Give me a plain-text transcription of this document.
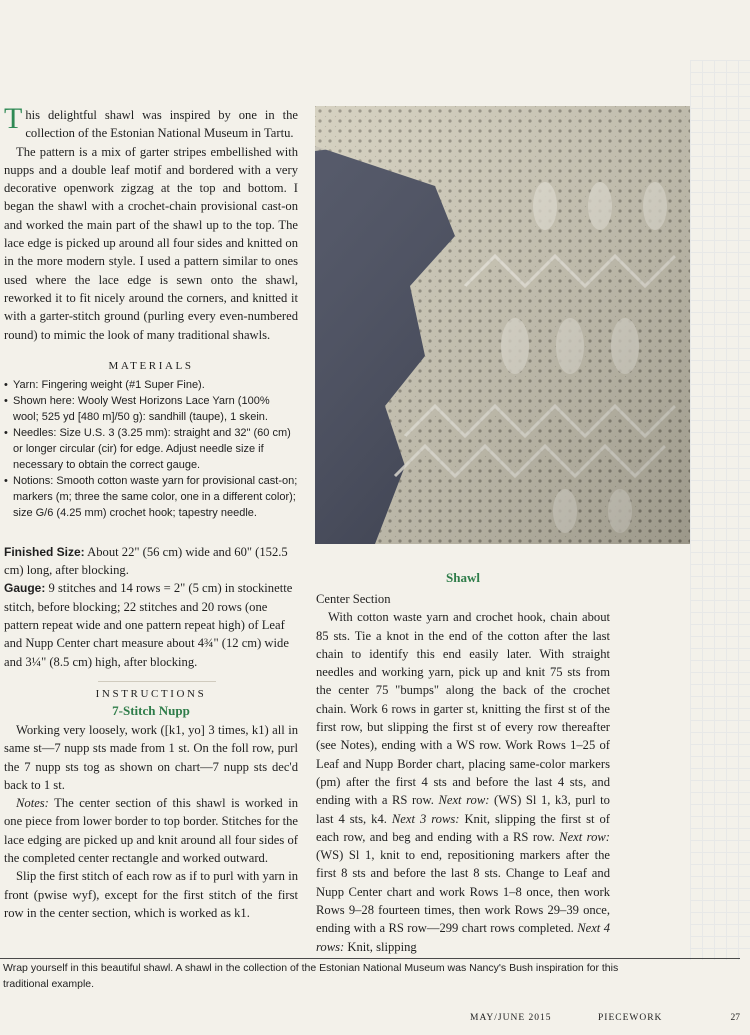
This delightful shawl was inspired by one in the collection of the Estonian National Museum in Tartu.

The pattern is a mix of garter stripes embellished with nupps and a double leaf motif and bordered with a very decorative openwork zigzag at the top and bottom. I began the shawl with a crochet-chain provisional cast-on and worked the main part of the shawl up to the top. The lace edge is picked up around all four sides and knitted on in the more modern style. I used a pattern similar to ones used where the lace edge is sewn onto the shawl, reworked it to fit nicely around the corners, and knitted it with a garter-stitch ground (purling every even-numbered round) to mimic the look of many traditional shawls.

MATERIALS
• Yarn: Fingering weight (#1 Super Fine).
• Shown here: Wooly West Horizons Lace Yarn (100% wool; 525 yd [480 m]/50 g): sandhill (taupe), 1 skein.
• Needles: Size U.S. 3 (3.25 mm): straight and 32" (60 cm) or longer circular (cir) for edge. Adjust needle size if necessary to obtain the correct gauge.
• Notions: Smooth cotton waste yarn for provisional cast-on; markers (m; three the same color, one in a different color); size G/6 (4.25 mm) crochet hook; tapestry needle.

Finished Size: About 22" (56 cm) wide and 60" (152.5 cm) long, after blocking.

Gauge: 9 stitches and 14 rows = 2" (5 cm) in stockinette stitch, before blocking; 22 stitches and 20 rows (one pattern repeat wide and one pattern repeat high) of Leaf and Nupp Center chart measure about 4¾" (12 cm) wide and 3¼" (8.5 cm) high, after blocking.

INSTRUCTIONS
7-Stitch Nupp

Working very loosely, work ([k1, yo] 3 times, k1) all in same st—7 nupp sts made from 1 st. On the foll row, purl the 7 nupp sts tog as shown on chart—7 nupp sts dec'd back to 1 st.

Notes: The center section of this shawl is worked in one piece from lower border to top border. Stitches for the lace edging are picked up and knit around all four sides of the completed center rectangle and worked outward.

Slip the first stitch of each row as if to purl with yarn in front (pwise wyf), except for the first stitch of the first row in the center section, which is worked as k1.

Shawl

Center Section

With cotton waste yarn and crochet hook, chain about 85 sts. Tie a knot in the end of the cotton after the last chain to identify this end easily later. With straight needles and working yarn, pick up and knit 75 sts from the center 75 "bumps" along the back of the crochet chain. Work 6 rows in garter st, knitting the first st of the first row, but slipping the first st of every row thereafter (see Notes), ending with a WS row. Work Rows 1–25 of Leaf and Nupp Border chart, placing same-color markers (pm) after the first 4 sts and before the last 4 sts, and ending with a RS row. Next row: (WS) Sl 1, k3, purl to last 4 sts, k4. Next 3 rows: Knit, slipping the first st of each row, and beg and ending with a RS row. Next row: (WS) Sl 1, knit to end, repositioning markers after the first 8 sts and before the last 8 sts. Change to Leaf and Nupp Center chart and work Rows 1–8 once, then work Rows 9–28 fourteen times, then work Rows 29–39 once, ending with a RS row—299 chart rows completed. Next 4 rows: Knit, slipping

Wrap yourself in this beautiful shawl. A shawl in the collection of the Estonian National Museum was Nancy's Bush inspiration for this
traditional example.
MAY/JUNE 2015	PIECEWORK	27
